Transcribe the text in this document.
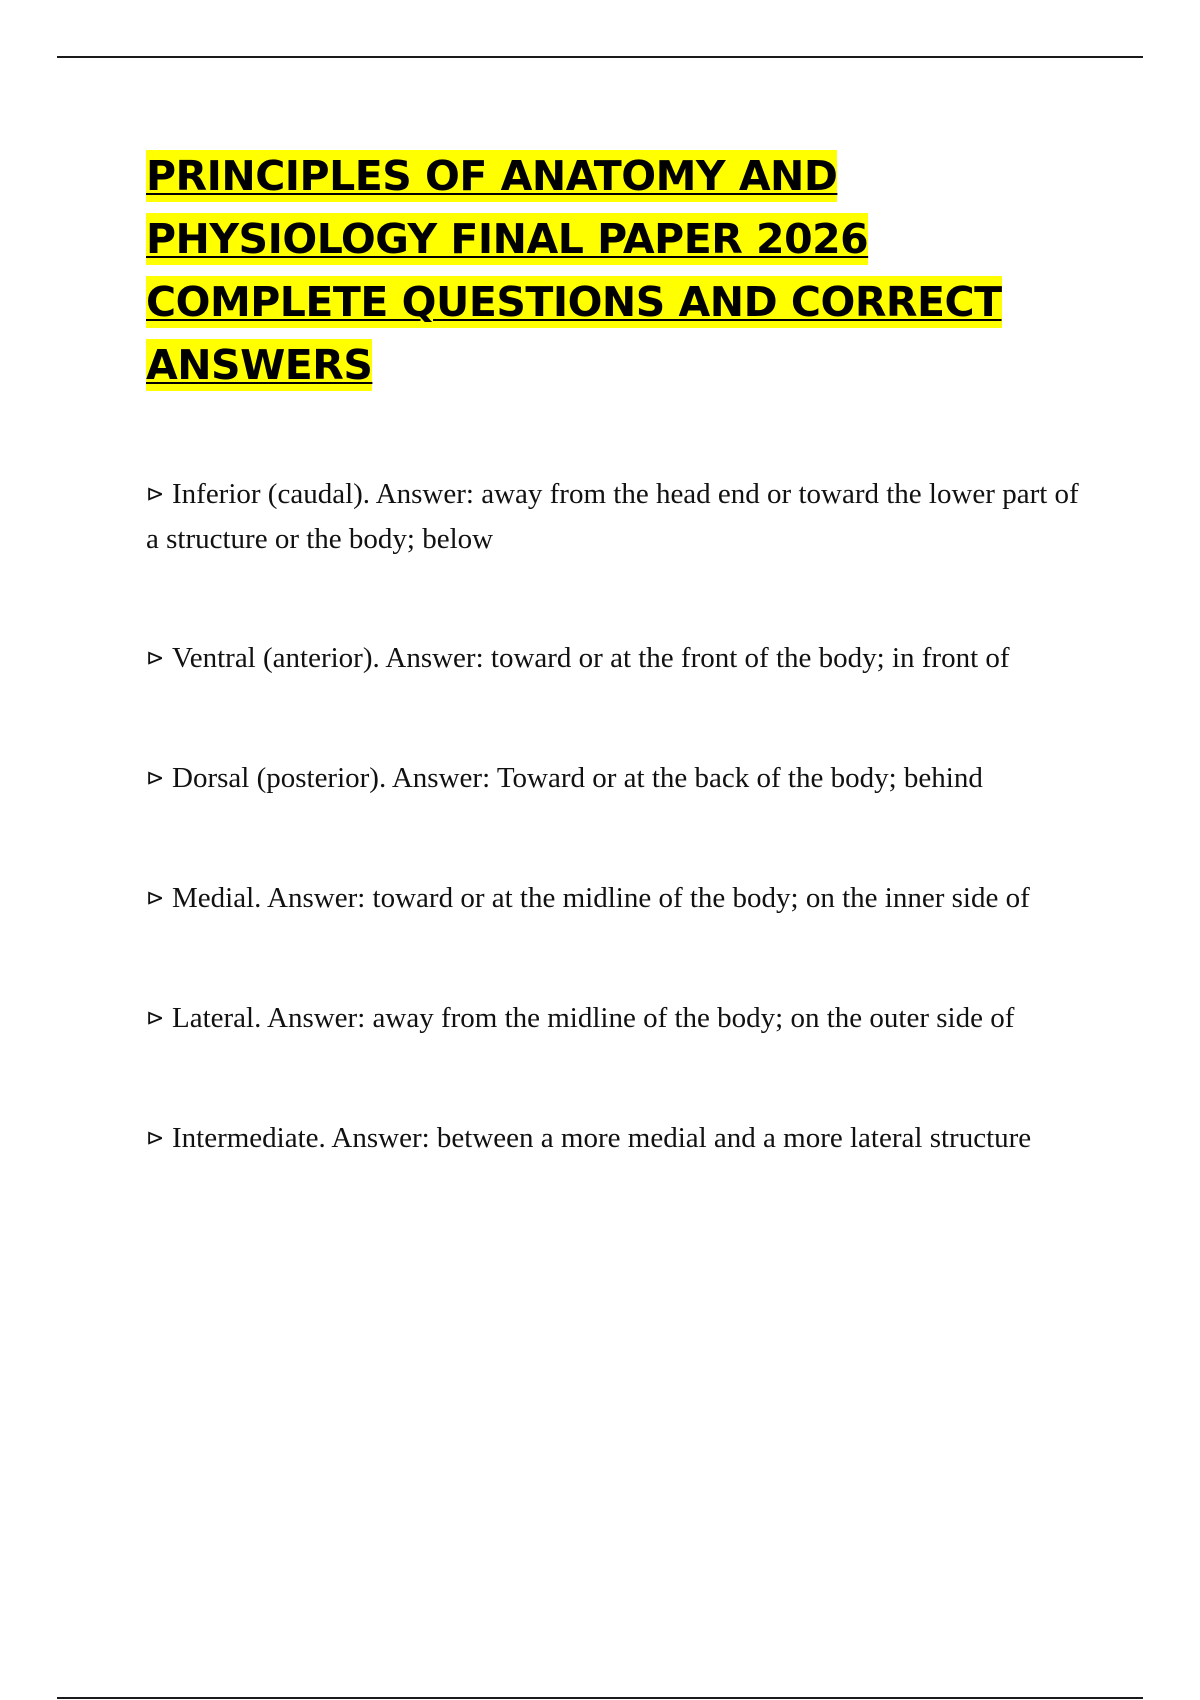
PRINCIPLES OF ANATOMY AND PHYSIOLOGY FINAL PAPER 2026 COMPLETE QUESTIONS AND CORRECT ANSWERS
⊳ Inferior (caudal). Answer: away from the head end or toward the lower part of a structure or the body; below
⊳ Ventral (anterior). Answer: toward or at the front of the body; in front of
⊳ Dorsal (posterior). Answer: Toward or at the back of the body; behind
⊳ Medial. Answer: toward or at the midline of the body; on the inner side of
⊳ Lateral. Answer: away from the midline of the body; on the outer side of
⊳ Intermediate. Answer: between a more medial and a more lateral structure
